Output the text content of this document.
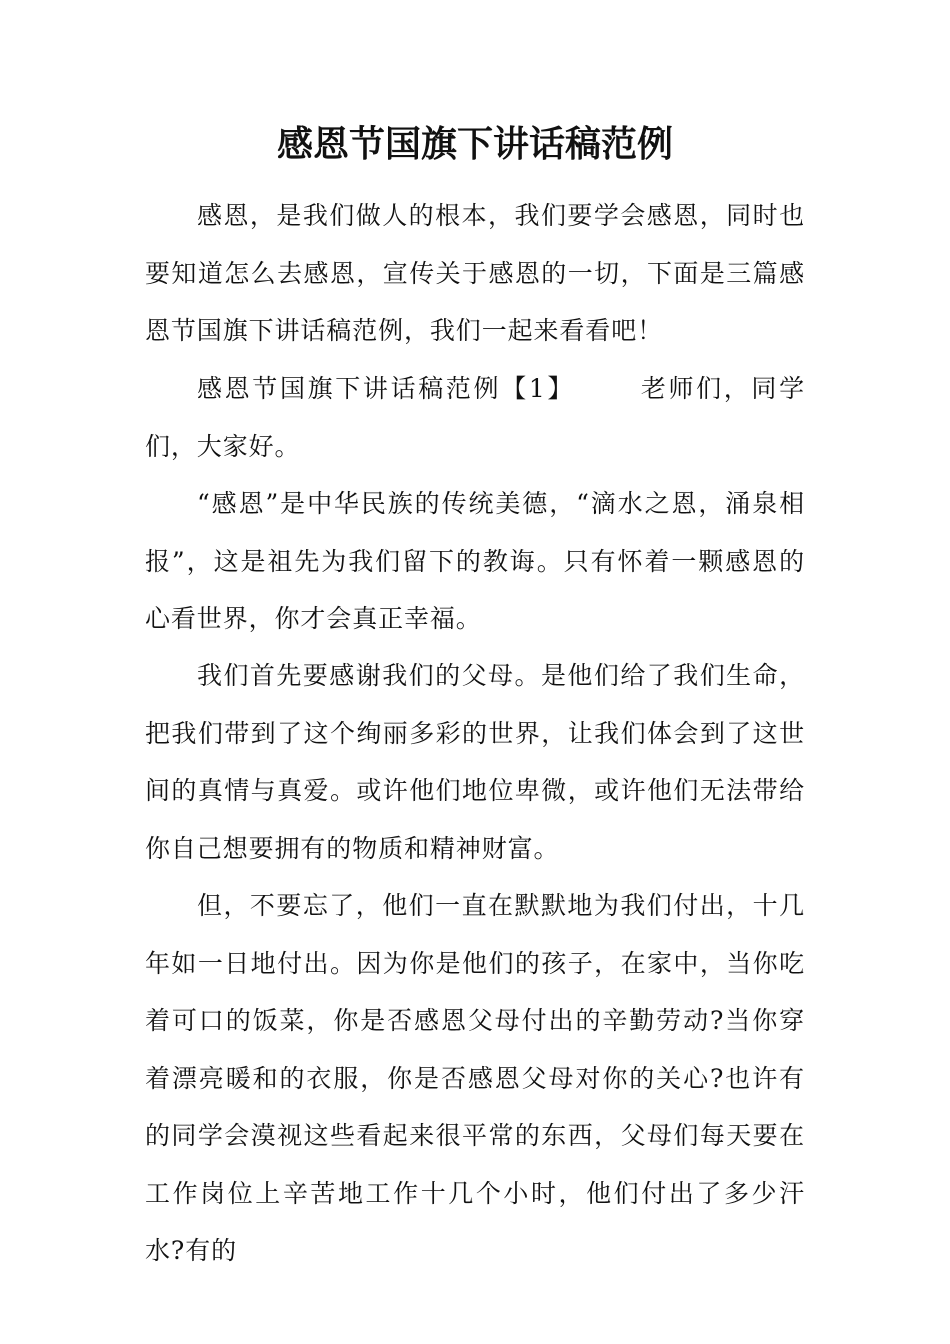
感恩节国旗下讲话稿范例

感恩，是我们做人的根本，我们要学会感恩，同时也要知道怎么去感恩，宣传关于感恩的一切，下面是三篇感恩节国旗下讲话稿范例，我们一起来看看吧！

感恩节国旗下讲话稿范例【1】	老师们，同学们，大家好。

“感恩”是中华民族的传统美德，“滴水之恩，涌泉相报”，这是祖先为我们留下的教诲。只有怀着一颗感恩的心看世界，你才会真正幸福。

我们首先要感谢我们的父母。是他们给了我们生命，把我们带到了这个绚丽多彩的世界，让我们体会到了这世间的真情与真爱。或许他们地位卑微，或许他们无法带给你自己想要拥有的物质和精神财富。

但，不要忘了，他们一直在默默地为我们付出，十几年如一日地付出。因为你是他们的孩子，在家中，当你吃着可口的饭菜，你是否感恩父母付出的辛勤劳动?当你穿着漂亮暖和的衣服，你是否感恩父母对你的关心?也许有的同学会漠视这些看起来很平常的东西，父母们每天要在工作岗位上辛苦地工作十几个小时，他们付出了多少汗水?有的
